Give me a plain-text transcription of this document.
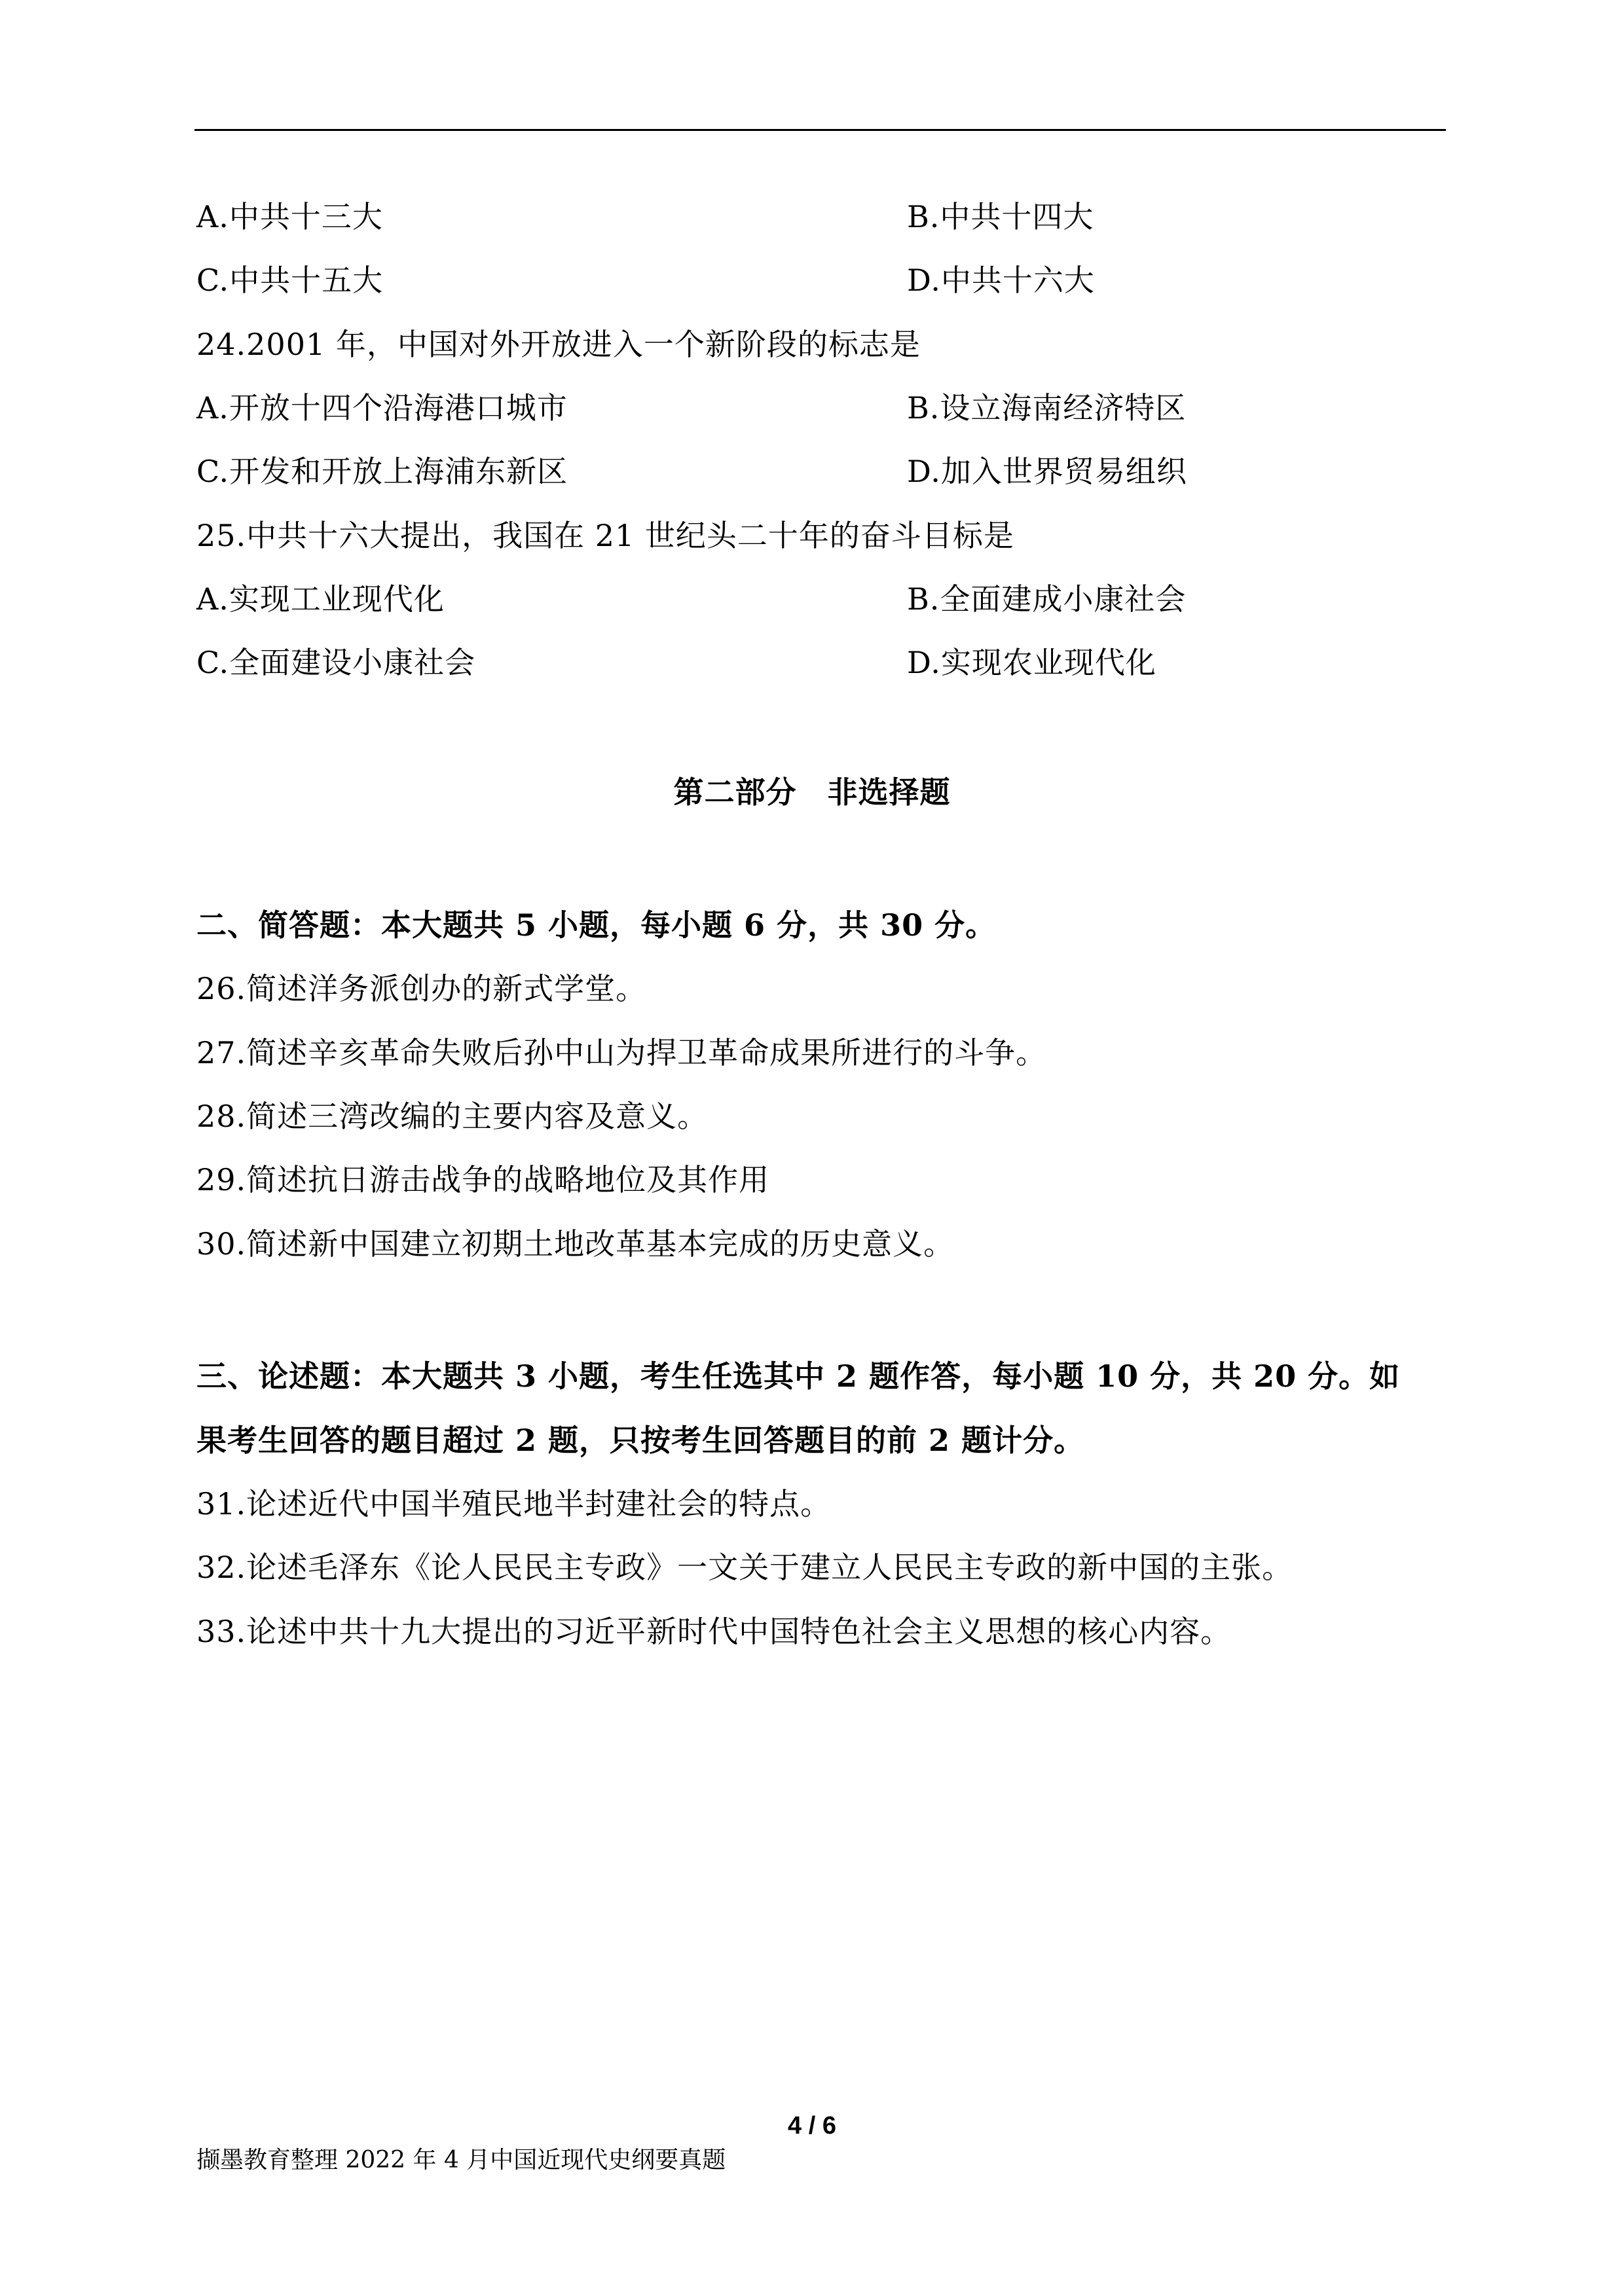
A.中共十三大	B.中共十四大
C.中共十五大	D.中共十六大
24.2001 年，中国对外开放进入一个新阶段的标志是
A.开放十四个沿海港口城市	B.设立海南经济特区
C.开发和开放上海浦东新区	D.加入世界贸易组织
25.中共十六大提出，我国在 21 世纪头二十年的奋斗目标是
A.实现工业现代化	B.全面建成小康社会
C.全面建设小康社会	D.实现农业现代化
第二部分　非选择题
二、简答题：本大题共 5 小题，每小题 6 分，共 30 分。
26.简述洋务派创办的新式学堂。
27.简述辛亥革命失败后孙中山为捍卫革命成果所进行的斗争。
28.简述三湾改编的主要内容及意义。
29.简述抗日游击战争的战略地位及其作用
30.简述新中国建立初期土地改革基本完成的历史意义。
三、论述题：本大题共 3 小题，考生任选其中 2 题作答，每小题 10 分，共 20 分。如
果考生回答的题目超过 2 题，只按考生回答题目的前 2 题计分。
31.论述近代中国半殖民地半封建社会的特点。
32.论述毛泽东《论人民民主专政》一文关于建立人民民主专政的新中国的主张。
33.论述中共十九大提出的习近平新时代中国特色社会主义思想的核心内容。
4 / 6
撷墨教育整理 2022 年 4 月中国近现代史纲要真题
